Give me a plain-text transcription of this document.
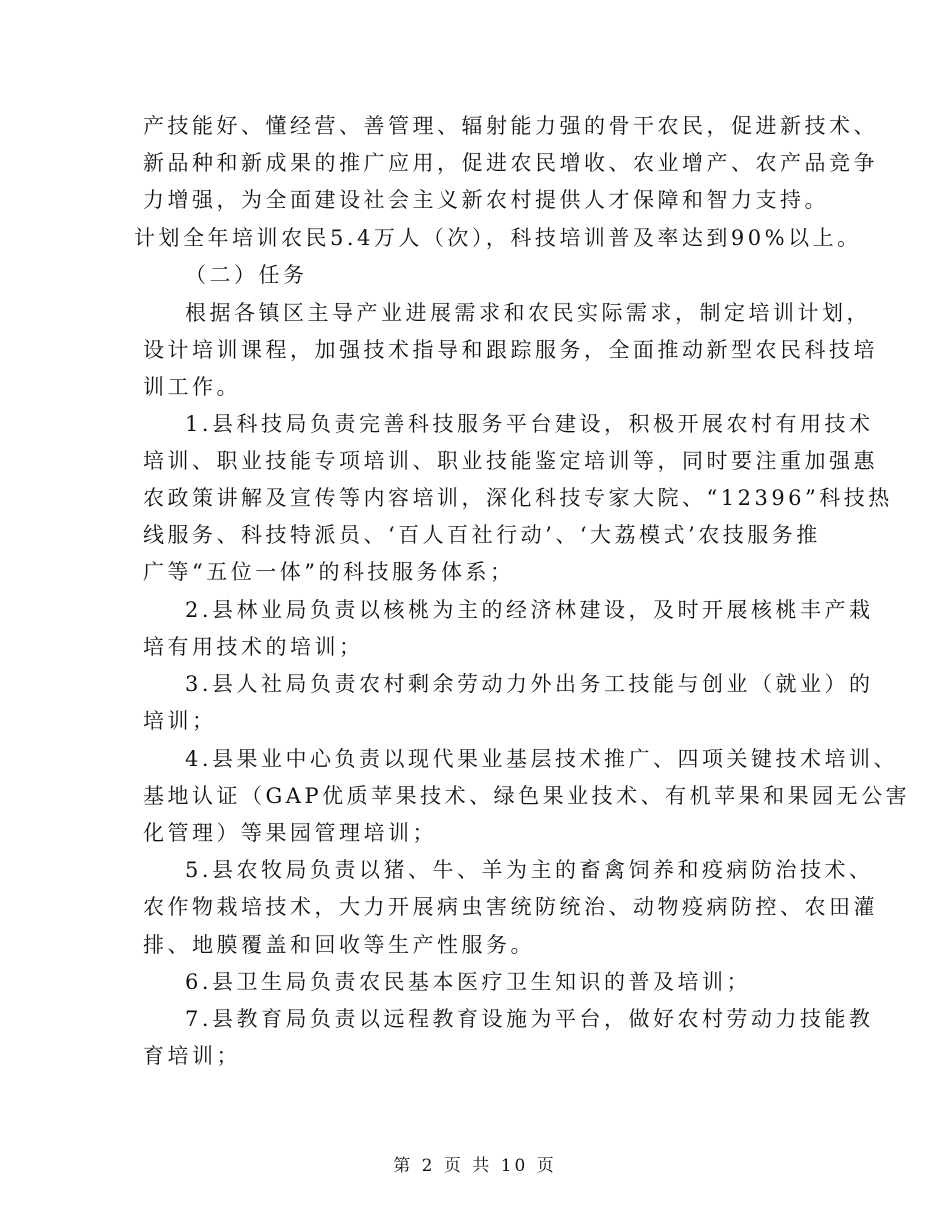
产技能好、懂经营、善管理、辐射能力强的骨干农民，促进新技术、
新品种和新成果的推广应用，促进农民增收、农业增产、农产品竞争
力增强，为全面建设社会主义新农村提供人才保障和智力支持。
计划全年培训农民5.4万人（次），科技培训普及率达到90%以上。
（二）任务
根据各镇区主导产业进展需求和农民实际需求，制定培训计划，
设计培训课程，加强技术指导和跟踪服务，全面推动新型农民科技培
训工作。
1.县科技局负责完善科技服务平台建设，积极开展农村有用技术
培训、职业技能专项培训、职业技能鉴定培训等，同时要注重加强惠
农政策讲解及宣传等内容培训，深化科技专家大院、“12396”科技热
线服务、科技特派员、‘百人百社行动’、‘大荔模式’农技服务推
广等“五位一体”的科技服务体系；
2.县林业局负责以核桃为主的经济林建设，及时开展核桃丰产栽
培有用技术的培训；
3.县人社局负责农村剩余劳动力外出务工技能与创业（就业）的
培训；
4.县果业中心负责以现代果业基层技术推广、四项关键技术培训、
基地认证（GAP优质苹果技术、绿色果业技术、有机苹果和果园无公害
化管理）等果园管理培训；
5.县农牧局负责以猪、牛、羊为主的畜禽饲养和疫病防治技术、
农作物栽培技术，大力开展病虫害统防统治、动物疫病防控、农田灌
排、地膜覆盖和回收等生产性服务。
6.县卫生局负责农民基本医疗卫生知识的普及培训；
7.县教育局负责以远程教育设施为平台，做好农村劳动力技能教
育培训；
第 2 页 共 10 页
